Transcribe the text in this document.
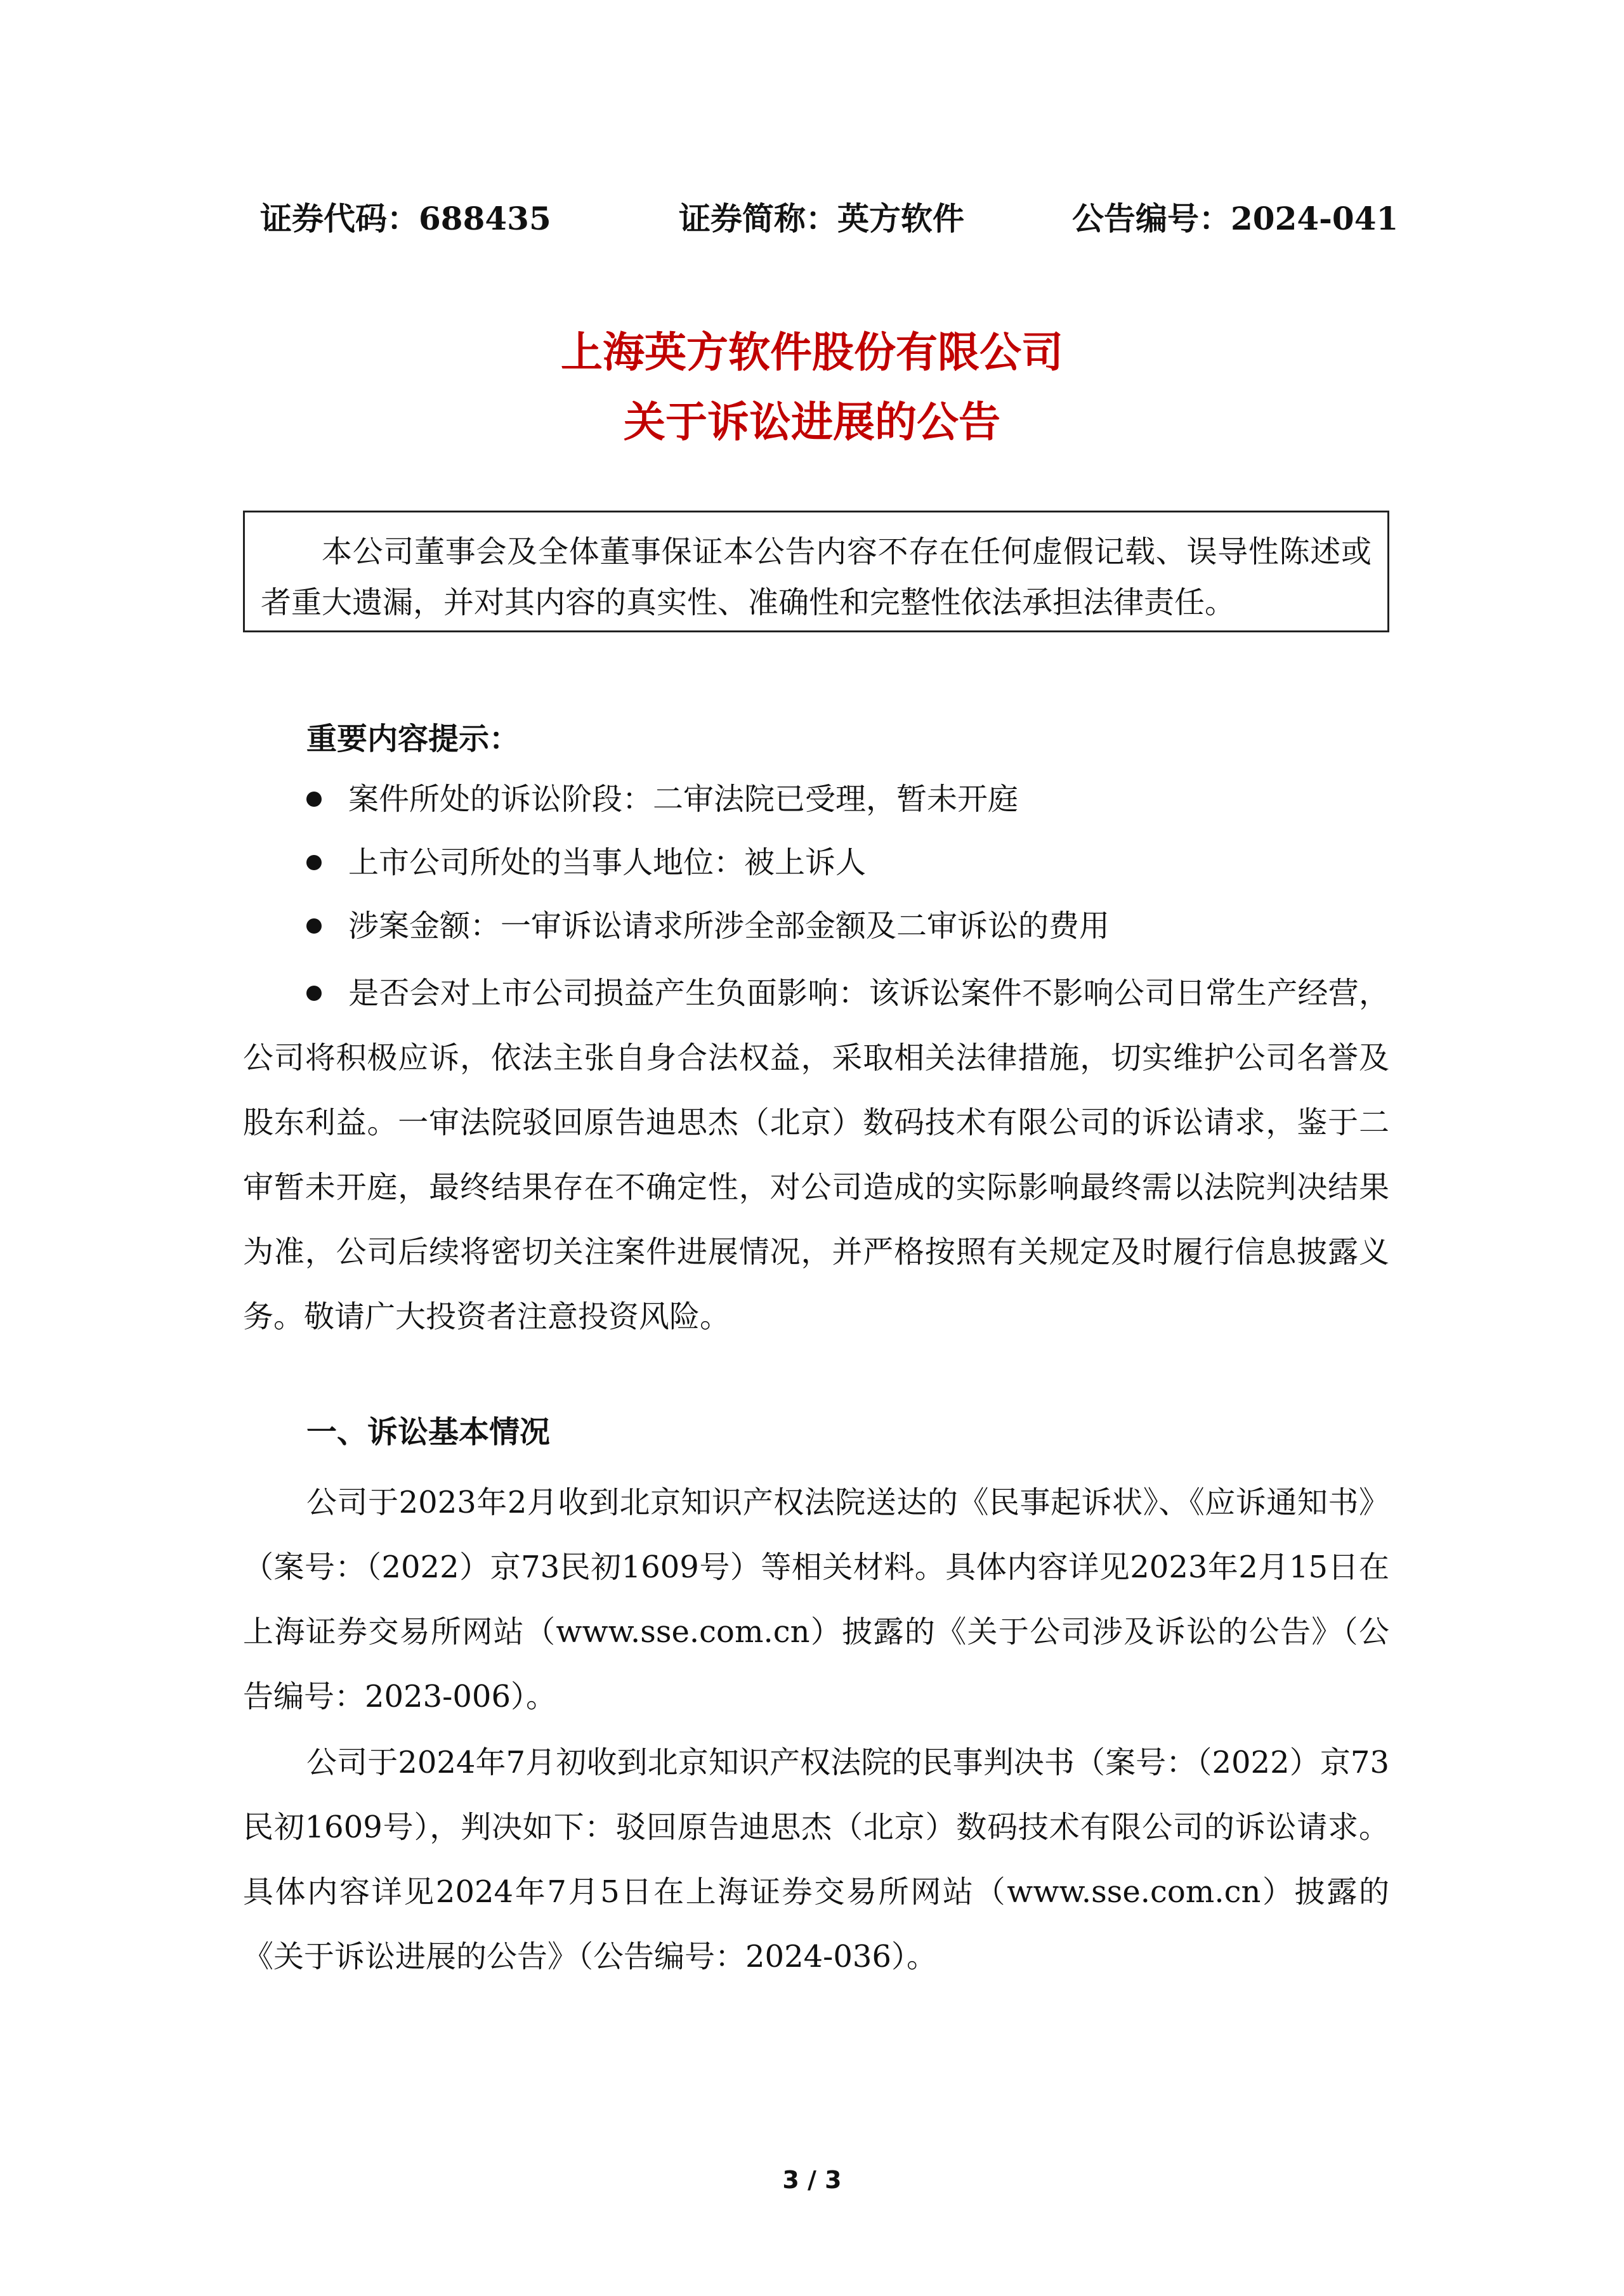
证券代码：688435	证券简称：英方软件	公告编号：2024-041
上海英方软件股份有限公司
关于诉讼进展的公告

本公司董事会及全体董事保证本公告内容不存在任何虚假记载、误导性陈述或者重大遗漏，并对其内容的真实性、准确性和完整性依法承担法律责任。

重要内容提示：
案件所处的诉讼阶段：二审法院已受理，暂未开庭
上市公司所处的当事人地位：被上诉人
涉案金额：一审诉讼请求所涉全部金额及二审诉讼的费用

是否会对上市公司损益产生负面影响：该诉讼案件不影响公司日常生产经营，公司将积极应诉，依法主张自身合法权益，采取相关法律措施，切实维护公司名誉及股东利益。一审法院驳回原告迪思杰（北京）数码技术有限公司的诉讼请求，鉴于二审暂未开庭，最终结果存在不确定性，对公司造成的实际影响最终需以法院判决结果为准，公司后续将密切关注案件进展情况，并严格按照有关规定及时履行信息披露义务。敬请广大投资者注意投资风险。

一、诉讼基本情况

公司于2023年2月收到北京知识产权法院送达的《民事起诉状》、《应诉通知书》（案号：（2022）京73民初1609号）等相关材料。具体内容详见2023年2月15日在上海证券交易所网站（www.sse.com.cn）披露的《关于公司涉及诉讼的公告》（公告编号：2023-006）。

公司于2024年7月初收到北京知识产权法院的民事判决书（案号：（2022）京73民初1609号），判决如下：驳回原告迪思杰（北京）数码技术有限公司的诉讼请求。具体内容详见2024年7月5日在上海证券交易所网站（www.sse.com.cn）披露的《关于诉讼进展的公告》（公告编号：2024-036）。

3 / 3
